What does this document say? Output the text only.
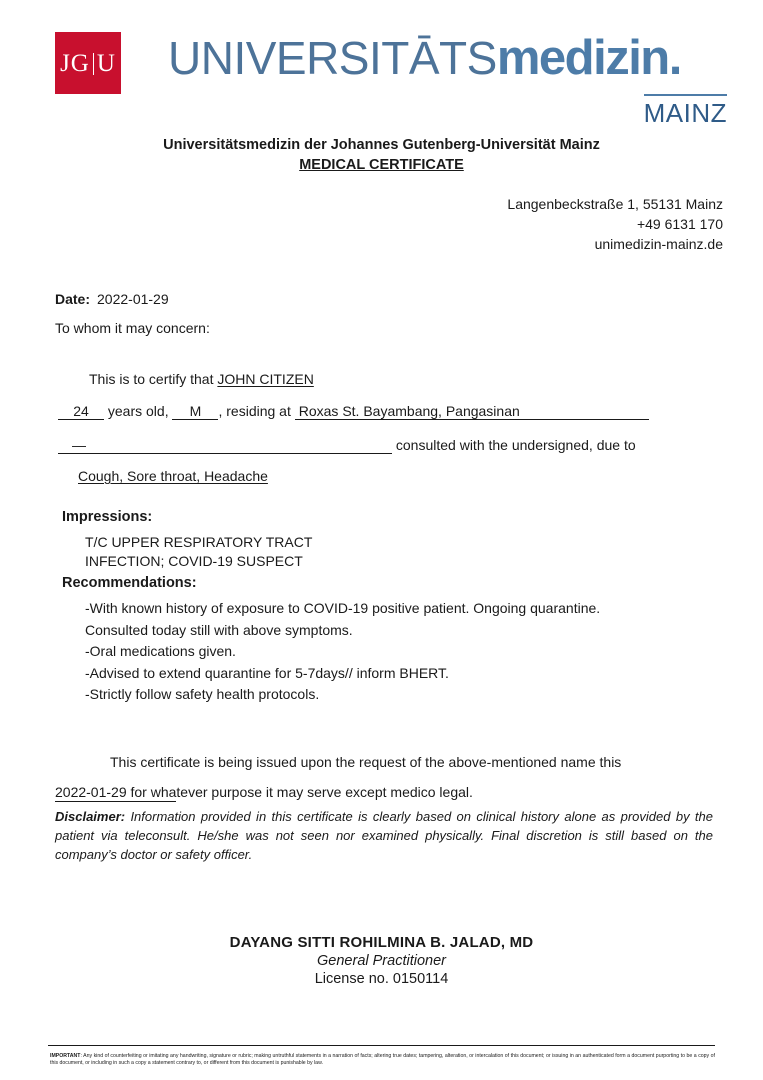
JG U UNIVERSITĀTSmedizin.
MAINZ
Universitätsmedizin der Johannes Gutenberg-Universität Mainz
MEDICAL CERTIFICATE
Langenbeckstraße 1, 55131 Mainz
+49 6131 170
unimedizin-mainz.de
Date: 2022-01-29
To whom it may concern:
This is to certify that JOHN CITIZEN
24 years old, M , residing at Roxas St. Bayambang, Pangasinan
—	consulted with the undersigned, due to
Cough, Sore throat, Headache
Impressions:
T/C UPPER RESPIRATORY TRACT
INFECTION; COVID-19 SUSPECT
Recommendations:
-With known history of exposure to COVID-19 positive patient. Ongoing quarantine.
Consulted today still with above symptoms.
-Oral medications given.
-Advised to extend quarantine for 5-7days// inform BHERT.
-Strictly follow safety health protocols.
This certificate is being issued upon the request of the above-mentioned name this
2022-01-29 for whatever purpose it may serve except medico legal.
Disclaimer: Information provided in this certificate is clearly based on clinical history alone as provided by the patient via teleconsult. He/she was not seen nor examined physically. Final discretion is still based on the company’s doctor or safety officer.
DAYANG SITTI ROHILMINA B. JALAD, MD
General Practitioner
License no. 0150114
IMPORTANT: Any kind of counterfeiting or imitating any handwriting, signature or rubric; making untruthful statements in a narration of facts; altering true dates; tampering, alteration, or intercalation of this document; or issuing in an authenticated form a document purporting to be a copy of this document, or including in such a copy a statement contrary to, or different from this document is punishable by law.
